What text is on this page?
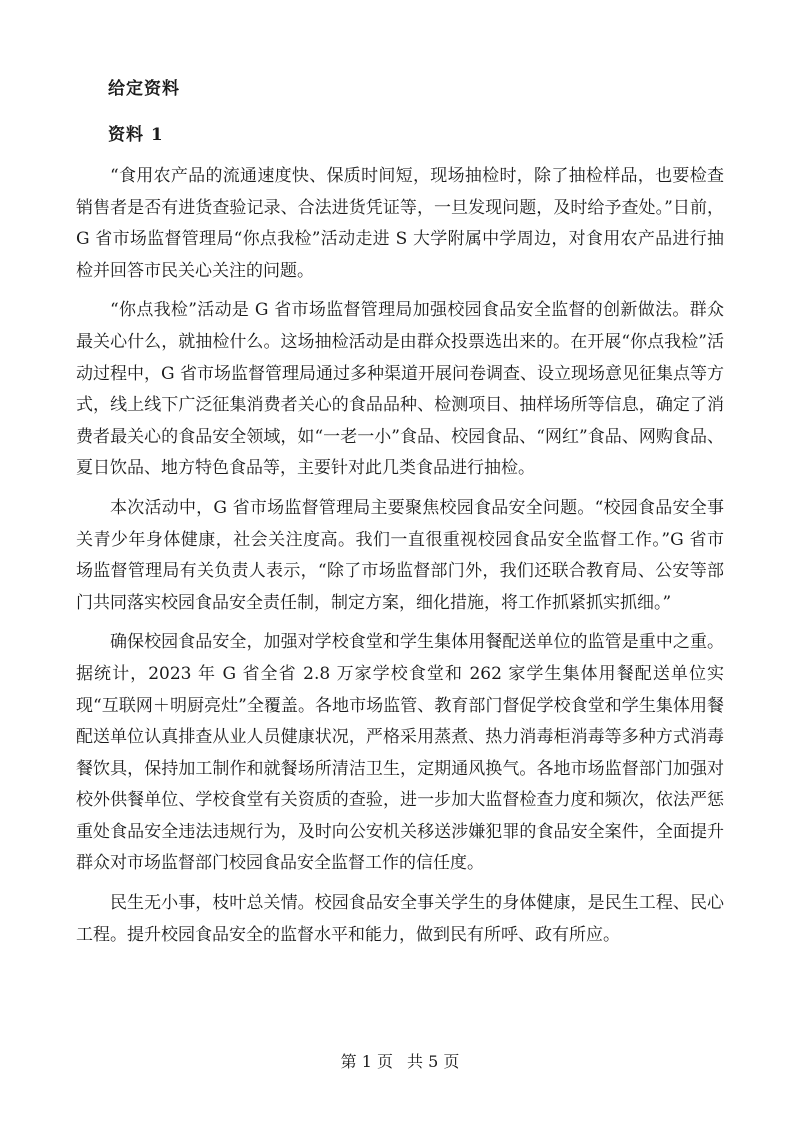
给定资料
资料 1

“食用农产品的流通速度快、保质时间短，现场抽检时，除了抽检样品，也要检查销售者是否有进货查验记录、合法进货凭证等，一旦发现问题，及时给予查处。”日前，G 省市场监督管理局“你点我检”活动走进 S 大学附属中学周边，对食用农产品进行抽检并回答市民关心关注的问题。

“你点我检”活动是 G 省市场监督管理局加强校园食品安全监督的创新做法。群众最关心什么，就抽检什么。这场抽检活动是由群众投票选出来的。在开展“你点我检”活动过程中，G 省市场监督管理局通过多种渠道开展问卷调查、设立现场意见征集点等方式，线上线下广泛征集消费者关心的食品品种、检测项目、抽样场所等信息，确定了消费者最关心的食品安全领域，如“一老一小”食品、校园食品、“网红”食品、网购食品、夏日饮品、地方特色食品等，主要针对此几类食品进行抽检。

本次活动中，G 省市场监督管理局主要聚焦校园食品安全问题。“校园食品安全事关青少年身体健康，社会关注度高。我们一直很重视校园食品安全监督工作。”G 省市场监督管理局有关负责人表示，“除了市场监督部门外，我们还联合教育局、公安等部门共同落实校园食品安全责任制，制定方案，细化措施，将工作抓紧抓实抓细。”

确保校园食品安全，加强对学校食堂和学生集体用餐配送单位的监管是重中之重。据统计，2023 年 G 省全省 2.8 万家学校食堂和 262 家学生集体用餐配送单位实现“互联网＋明厨亮灶”全覆盖。各地市场监管、教育部门督促学校食堂和学生集体用餐配送单位认真排查从业人员健康状况，严格采用蒸煮、热力消毒柜消毒等多种方式消毒餐饮具，保持加工制作和就餐场所清洁卫生，定期通风换气。各地市场监督部门加强对校外供餐单位、学校食堂有关资质的查验，进一步加大监督检查力度和频次，依法严惩重处食品安全违法违规行为，及时向公安机关移送涉嫌犯罪的食品安全案件，全面提升群众对市场监督部门校园食品安全监督工作的信任度。

民生无小事，枝叶总关情。校园食品安全事关学生的身体健康，是民生工程、民心工程。提升校园食品安全的监督水平和能力，做到民有所呼、政有所应。

第 1 页 共 5 页
